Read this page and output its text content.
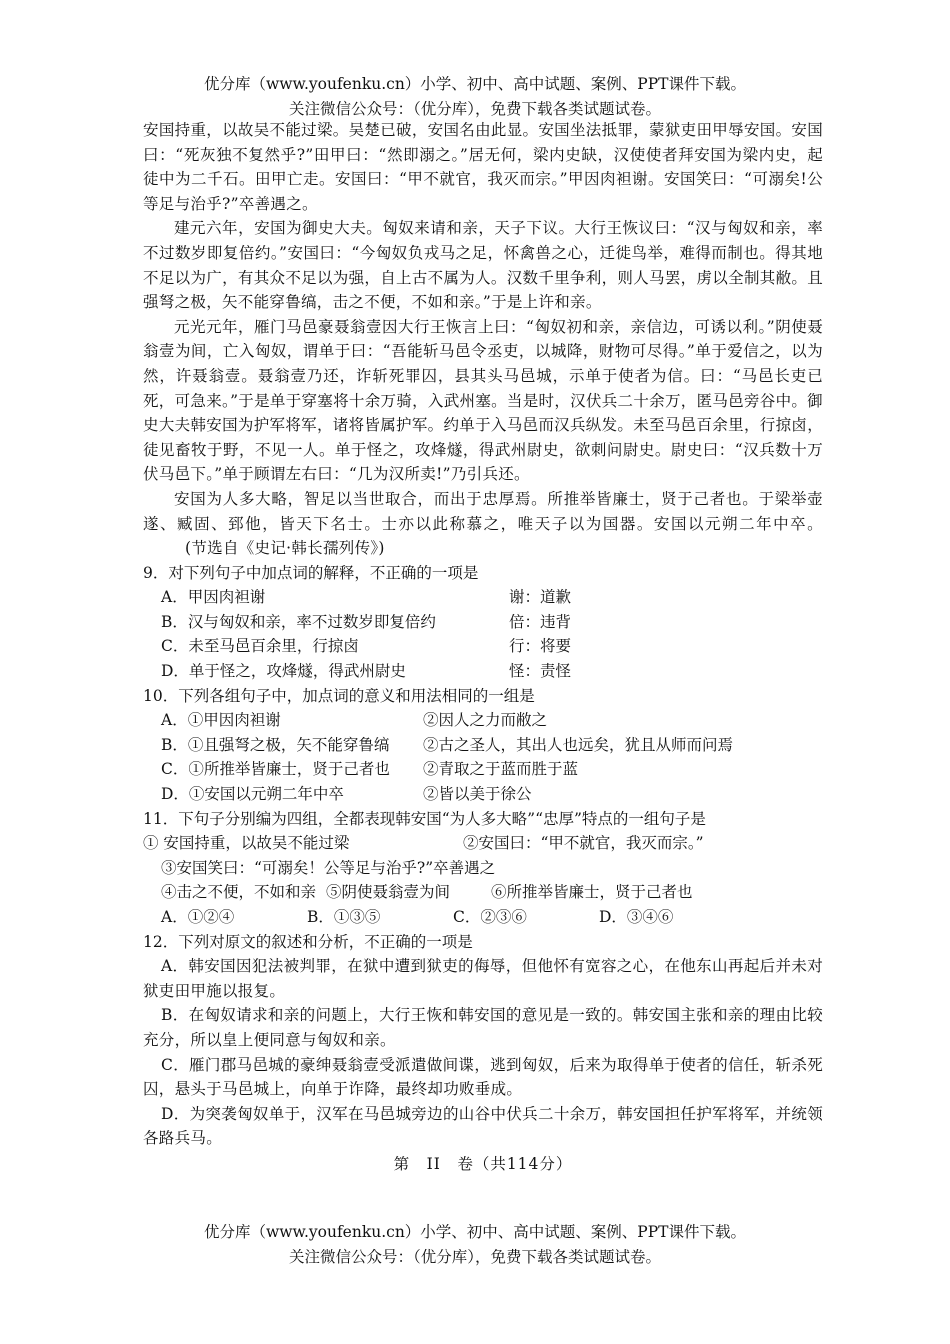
优分库（www.youfenku.cn）小学、初中、高中试题、案例、PPT课件下载。
关注微信公众号：（优分库），免费下载各类试题试卷。

安国持重，以故吴不能过梁。吴楚已破，安国名由此显。安国坐法抵罪，蒙狱吏田甲辱安国。安国曰：“死灰独不复然乎?”田甲曰：“然即溺之。”居无何，梁内史缺，汉使使者拜安国为梁内史，起徒中为二千石。田甲亡走。安国曰：“甲不就官，我灭而宗。”甲因肉袒谢。安国笑曰：“可溺矣!公等足与治乎?”卒善遇之。

建元六年，安国为御史大夫。匈奴来请和亲，天子下议。大行王恢议曰：“汉与匈奴和亲，率不过数岁即复倍约。”安国曰：“今匈奴负戎马之足，怀禽兽之心，迁徙鸟举，难得而制也。得其地不足以为广，有其众不足以为强，自上古不属为人。汉数千里争利，则人马罢，虏以全制其敝。且强弩之极，矢不能穿鲁缟，击之不便，不如和亲。”于是上许和亲。

元光元年，雁门马邑豪聂翁壹因大行王恢言上曰：“匈奴初和亲，亲信边，可诱以利。”阴使聂翁壹为间，亡入匈奴，谓单于曰：“吾能斩马邑令丞吏，以城降，财物可尽得。”单于爱信之，以为然，许聂翁壹。聂翁壹乃还，诈斩死罪囚，县其头马邑城，示单于使者为信。曰：“马邑长吏已死，可急来。”于是单于穿塞将十余万骑，入武州塞。当是时，汉伏兵二十余万，匿马邑旁谷中。御史大夫韩安国为护军将军，诸将皆属护军。约单于入马邑而汉兵纵发。未至马邑百余里，行掠卤，徒见畜牧于野，不见一人。单于怪之，攻烽燧，得武州尉史，欲刺问尉史。尉史曰：“汉兵数十万伏马邑下。”单于顾谓左右曰：“几为汉所卖!”乃引兵还。

安国为人多大略，智足以当世取合，而出于忠厚焉。所推举皆廉士，贤于己者也。于梁举壶遂、臧固、郅他，皆天下名士。士亦以此称慕之，唯天子以为国器。安国以元朔二年中卒。(节选自《史记·韩长孺列传》)

9．对下列句子中加点词的解释，不正确的一项是

A．甲因肉袒谢	谢：道歉

B．汉与匈奴和亲，率不过数岁即复倍约	倍：违背

C．未至马邑百余里，行掠卤	行：将要

D．单于怪之，攻烽燧，得武州尉史	怪：责怪

10．下列各组句子中，加点词的意义和用法相同的一组是

A．①甲因肉袒谢	②因人之力而敝之

B．①且强弩之极，矢不能穿鲁缟 ②古之圣人，其出人也远矣，犹且从师而问焉

C．①所推举皆廉士，贤于己者也 ②青取之于蓝而胜于蓝

D．①安国以元朔二年中卒	②皆以美于徐公

11．下句子分别编为四组，全都表现韩安国“为人多大略”“忠厚”特点的一组句子是

① 安国持重，以故吴不能过梁	②安国曰：“甲不就官，我灭而宗。”

③安国笑曰：“可溺矣！公等足与治乎?”卒善遇之

④击之不便，不如和亲 ⑤阴使聂翁壹为间	⑥所推举皆廉士，贤于己者也

A．①②④	B．①③⑤	C．②③⑥	D．③④⑥

12．下列对原文的叙述和分析，不正确的一项是

A．韩安国因犯法被判罪，在狱中遭到狱吏的侮辱，但他怀有宽容之心，在他东山再起后并未对狱吏田甲施以报复。

B．在匈奴请求和亲的问题上，大行王恢和韩安国的意见是一致的。韩安国主张和亲的理由比较充分，所以皇上便同意与匈奴和亲。

C．雁门郡马邑城的豪绅聂翁壹受派遣做间谍，逃到匈奴，后来为取得单于使者的信任，斩杀死囚，悬头于马邑城上，向单于诈降，最终却功败垂成。

D．为突袭匈奴单于，汉军在马邑城旁边的山谷中伏兵二十余万，韩安国担任护军将军，并统领各路兵马。

第　II　卷（共114分）

优分库（www.youfenku.cn）小学、初中、高中试题、案例、PPT课件下载。
关注微信公众号：（优分库），免费下载各类试题试卷。
